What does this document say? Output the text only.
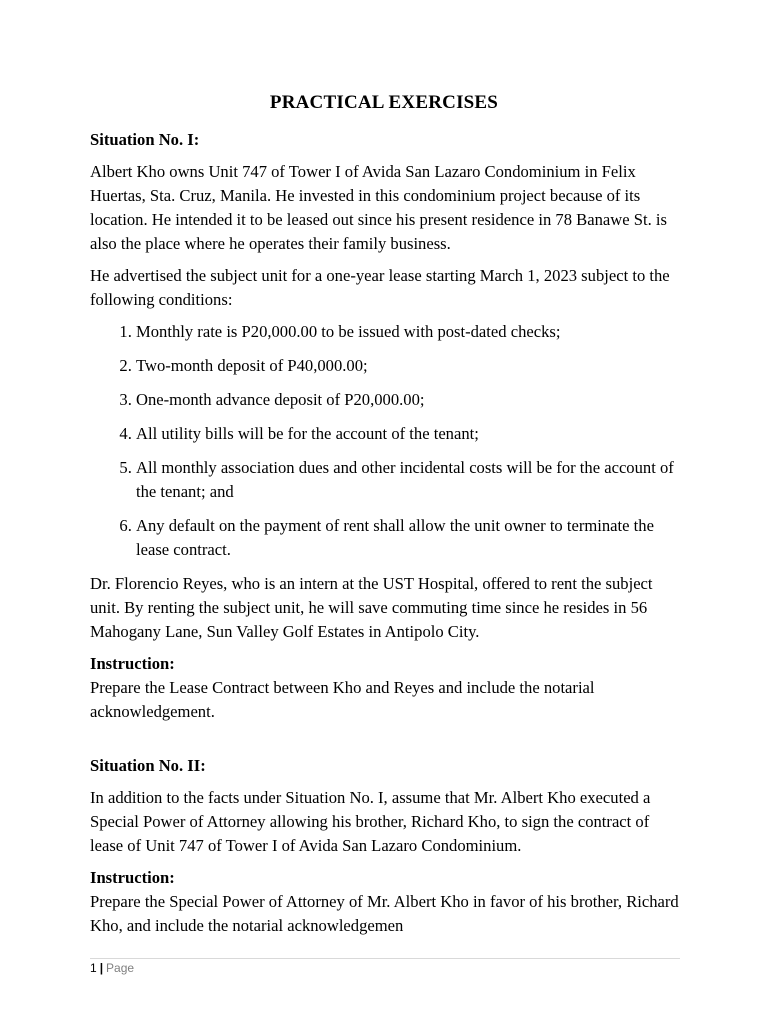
PRACTICAL EXERCISES
Situation No. I:

Albert Kho owns Unit 747 of Tower I of Avida San Lazaro Condominium in Felix Huertas, Sta. Cruz, Manila. He invested in this condominium project because of its location. He intended it to be leased out since his present residence in 78 Banawe St. is also the place where he operates their family business.

He advertised the subject unit for a one-year lease starting March 1, 2023 subject to the following conditions:

1. Monthly rate is P20,000.00 to be issued with post-dated checks;
2. Two-month deposit of P40,000.00;
3. One-month advance deposit of P20,000.00;
4. All utility bills will be for the account of the tenant;
5. All monthly association dues and other incidental costs will be for the account of the tenant; and
6. Any default on the payment of rent shall allow the unit owner to terminate the lease contract.

Dr. Florencio Reyes, who is an intern at the UST Hospital, offered to rent the subject unit. By renting the subject unit, he will save commuting time since he resides in 56 Mahogany Lane, Sun Valley Golf Estates in Antipolo City.

Instruction:
Prepare the Lease Contract between Kho and Reyes and include the notarial acknowledgement.
Situation No. II:

In addition to the facts under Situation No. I, assume that Mr. Albert Kho executed a Special Power of Attorney allowing his brother, Richard Kho, to sign the contract of lease of Unit 747 of Tower I of Avida San Lazaro Condominium.

Instruction:
Prepare the Special Power of Attorney of Mr. Albert Kho in favor of his brother, Richard Kho, and include the notarial acknowledgemen
1 | Page
